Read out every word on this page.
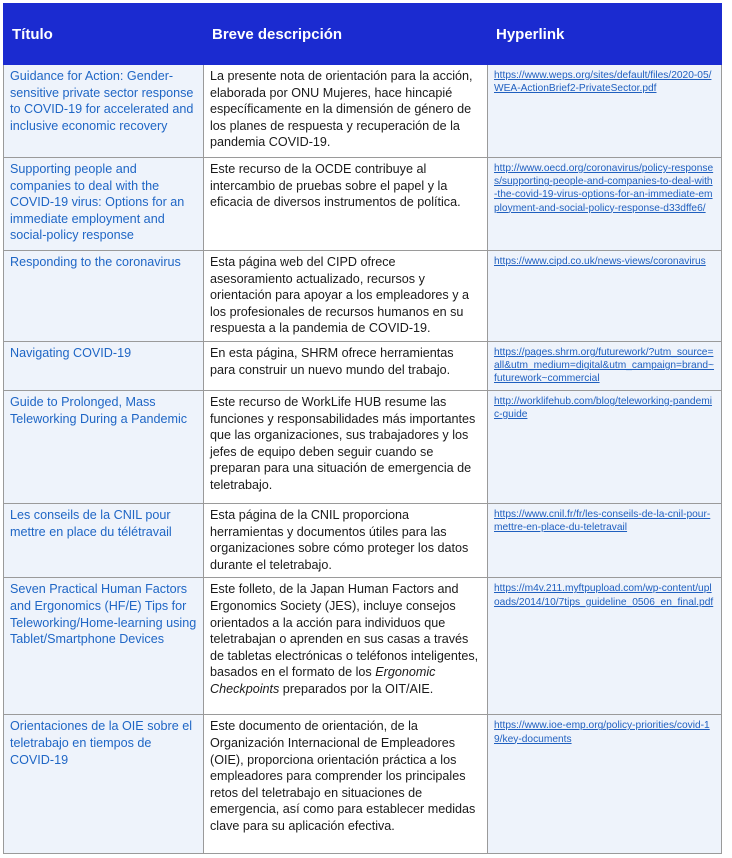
Título	Breve descripción	Hyperlink
Guidance for Action: Gender-sensitive private sector response to COVID-19 for accelerated and inclusive economic recovery	La presente nota de orientación para la acción, elaborada por ONU Mujeres, hace hincapié específicamente en la dimensión de género de los planes de respuesta y recuperación de la pandemia COVID-19.	https://www.weps.org/sites/default/files/2020-05/WEA-ActionBrief2-PrivateSector.pdf
Supporting people and companies to deal with the COVID-19 virus: Options for an immediate employment and social-policy response	Este recurso de la OCDE contribuye al intercambio de pruebas sobre el papel y la eficacia de diversos instrumentos de política.	http://www.oecd.org/coronavirus/policy-responses/supporting-people-and-companies-to-deal-with-the-covid-19-virus-options-for-an-immediate-employment-and-social-policy-response-d33dffe6/
Responding to the coronavirus	Esta página web del CIPD ofrece asesoramiento actualizado, recursos y orientación para apoyar a los empleadores y a los profesionales de recursos humanos en su respuesta a la pandemia de COVID-19.	https://www.cipd.co.uk/news-views/coronavirus
Navigating COVID-19	En esta página, SHRM ofrece herramientas para construir un nuevo mundo del trabajo.	https://pages.shrm.org/futurework/?utm_source=all&utm_medium=digital&utm_campaign=brand~futurework~commercial
Guide to Prolonged, Mass Teleworking During a Pandemic	Este recurso de WorkLife HUB resume las funciones y responsabilidades más importantes que las organizaciones, sus trabajadores y los jefes de equipo deben seguir cuando se preparan para una situación de emergencia de teletrabajo.	http://worklifehub.com/blog/teleworking-pandemic-guide
Les conseils de la CNIL pour mettre en place du télétravail	Esta página de la CNIL proporciona herramientas y documentos útiles para las organizaciones sobre cómo proteger los datos durante el teletrabajo.	https://www.cnil.fr/fr/les-conseils-de-la-cnil-pour-mettre-en-place-du-teletravail
Seven Practical Human Factors and Ergonomics (HF/E) Tips for Teleworking/Home-learning using Tablet/Smartphone Devices	Este folleto, de la Japan Human Factors and Ergonomics Society (JES), incluye consejos orientados a la acción para individuos que teletrabajan o aprenden en sus casas a través de tabletas electrónicas o teléfonos inteligentes, basados en el formato de los Ergonomic Checkpoints preparados por la OIT/AIE.	https://m4v.211.myftpupload.com/wp-content/uploads/2014/10/7tips_guideline_0506_en_final.pdf
Orientaciones de la OIE sobre el teletrabajo en tiempos de COVID-19	Este documento de orientación, de la Organización Internacional de Empleadores (OIE), proporciona orientación práctica a los empleadores para comprender los principales retos del teletrabajo en situaciones de emergencia, así como para establecer medidas clave para su aplicación efectiva.	https://www.ioe-emp.org/policy-priorities/covid-19/key-documents
